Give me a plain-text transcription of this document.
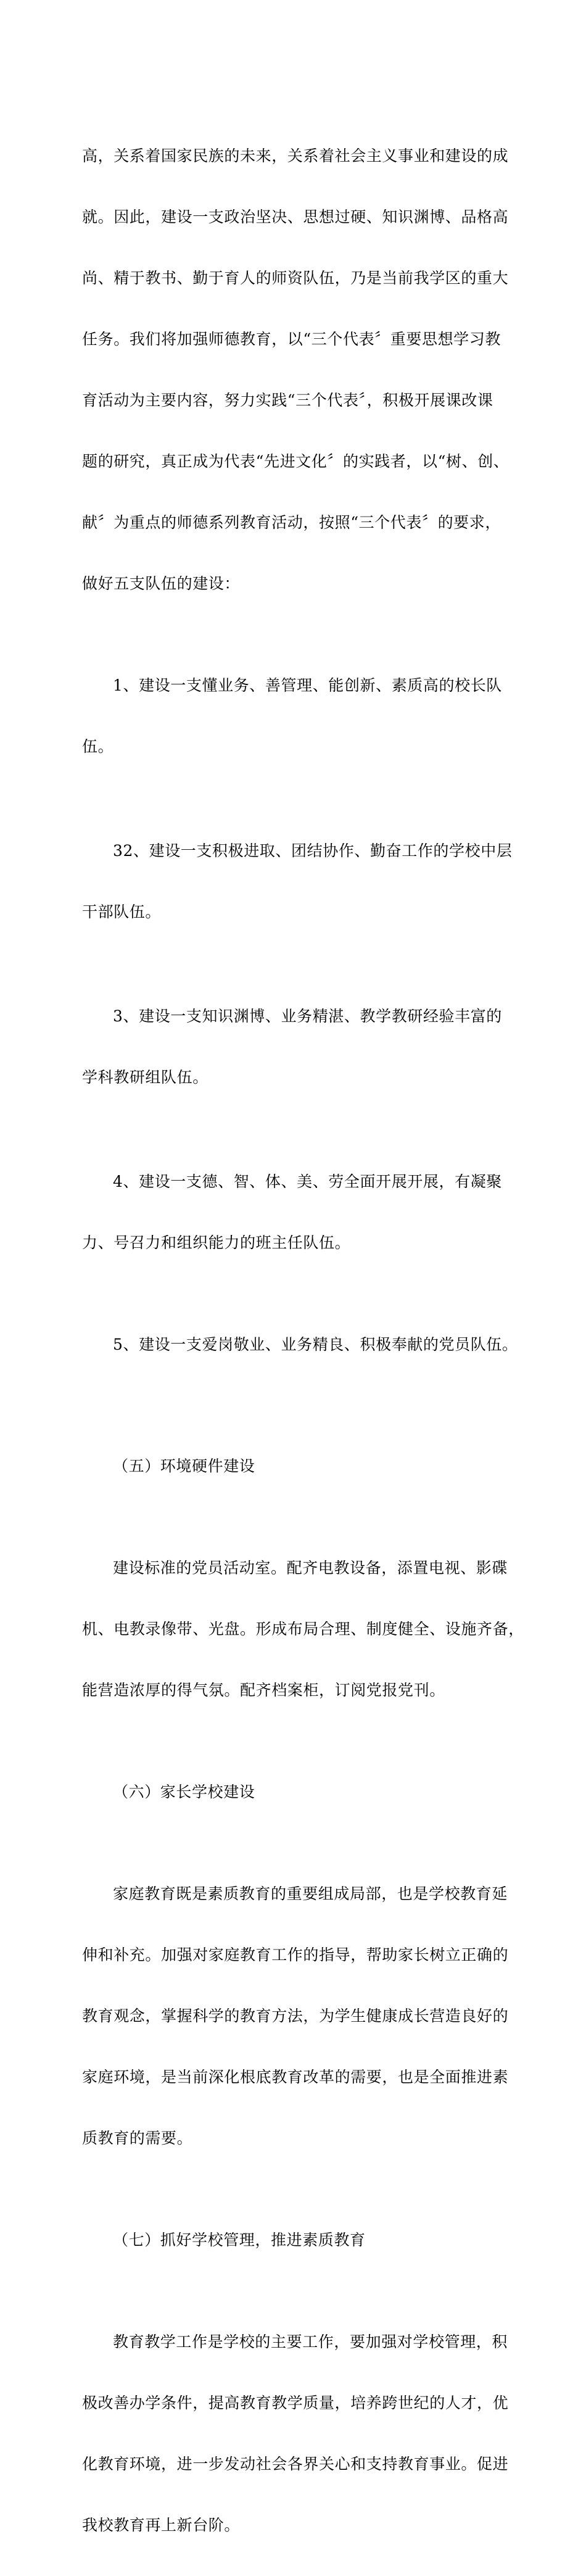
高，关系着国家民族的未来，关系着社会主义事业和建设的成

就。因此，建设一支政治坚决、思想过硬、知识渊博、品格高

尚、精于教书、勤于育人的师资队伍，乃是当前我学区的重大

任务。我们将加强师德教育，以“三个代表〞重要思想学习教

育活动为主要内容，努力实践“三个代表〞，积极开展课改课

题的研究，真正成为代表“先进文化〞的实践者，以“树、创、

献〞为重点的师德系列教育活动，按照“三个代表〞的要求，

做好五支队伍的建设：

1、建设一支懂业务、善管理、能创新、素质高的校长队

伍。

32、建设一支积极进取、团结协作、勤奋工作的学校中层

干部队伍。

3、建设一支知识渊博、业务精湛、教学教研经验丰富的

学科教研组队伍。

4、建设一支德、智、体、美、劳全面开展开展，有凝聚

力、号召力和组织能力的班主任队伍。

5、建设一支爱岗敬业、业务精良、积极奉献的党员队伍。

（五）环境硬件建设

建设标准的党员活动室。配齐电教设备，添置电视、影碟

机、电教录像带、光盘。形成布局合理、制度健全、设施齐备，

能营造浓厚的得气氛。配齐档案柜，订阅党报党刊。

（六）家长学校建设

家庭教育既是素质教育的重要组成局部，也是学校教育延

伸和补充。加强对家庭教育工作的指导，帮助家长树立正确的

教育观念，掌握科学的教育方法，为学生健康成长营造良好的

家庭环境，是当前深化根底教育改革的需要，也是全面推进素

质教育的需要。

（七）抓好学校管理，推进素质教育

教育教学工作是学校的主要工作，要加强对学校管理，积

极改善办学条件，提高教育教学质量，培养跨世纪的人才，优

化教育环境，进一步发动社会各界关心和支持教育事业。促进

我校教育再上新台阶。
